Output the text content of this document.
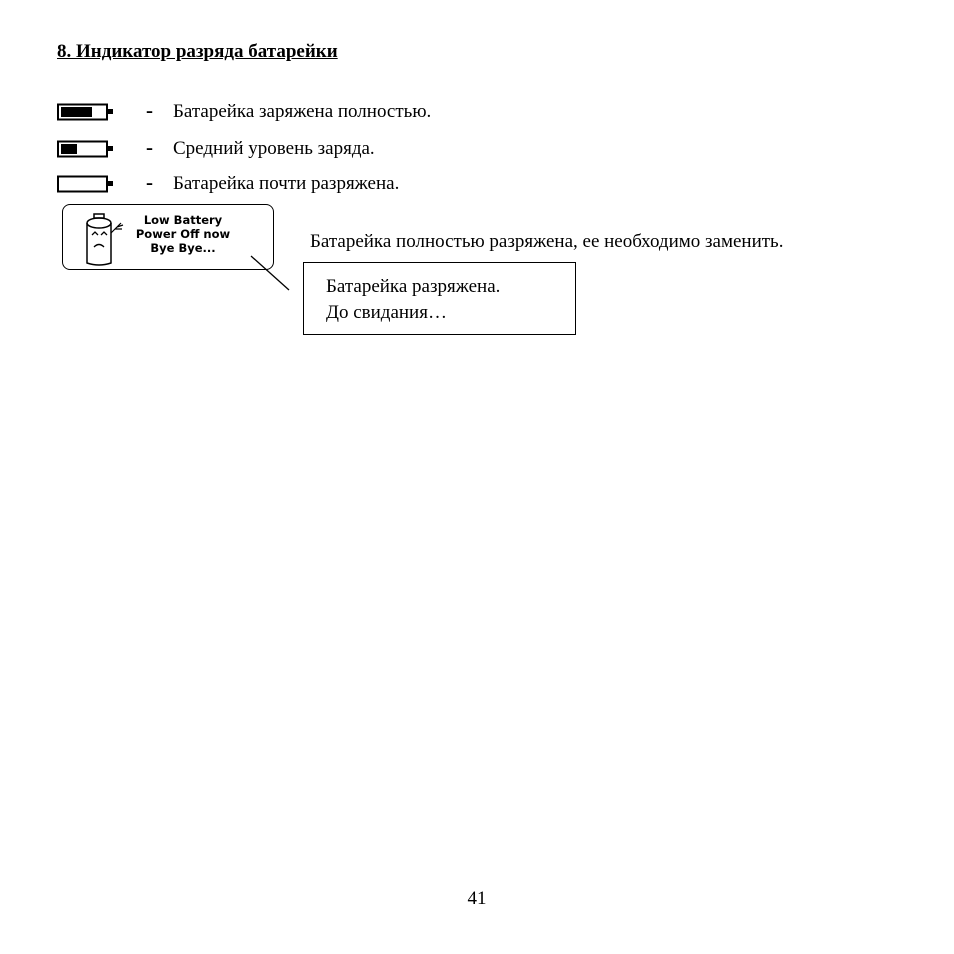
8. Индикатор разряда батарейки
- Батарейка заряжена полностью.
- Средний уровень заряда.
- Батарейка почти разряжена.
Low Battery
Power Off now
Bye Bye...	Батарейка полностью разряжена, ее необходимо заменить.
Батарейка разряжена.
До свидания…
41
